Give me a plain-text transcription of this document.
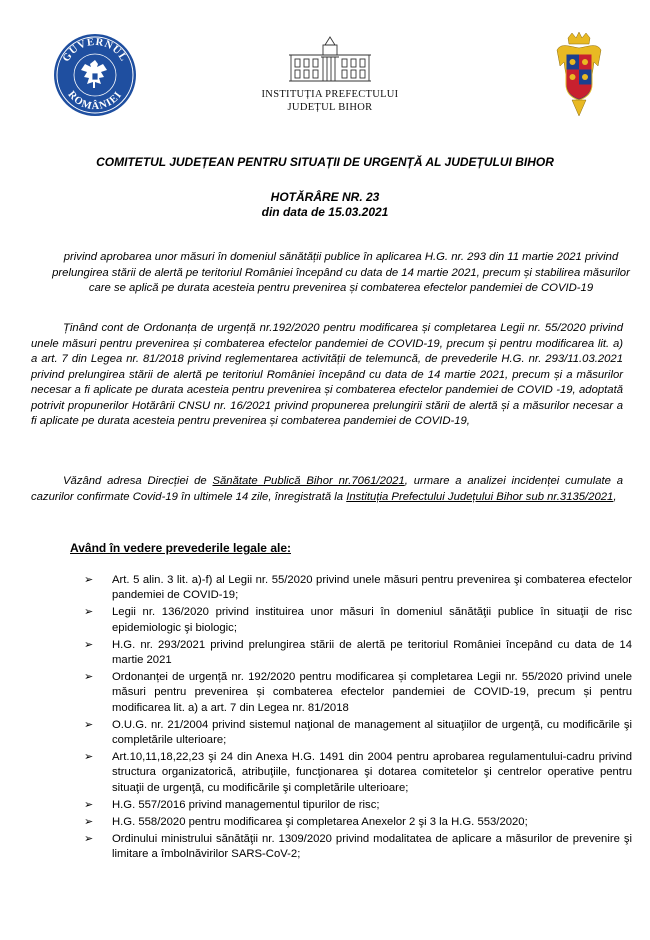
GUVERNUL
ROMÂNIEI	INSTITUȚIA PREFECTULUI
JUDEȚUL BIHOR
COMITETUL JUDEȚEAN PENTRU SITUAȚII DE URGENȚĂ AL JUDEȚULUI BIHOR
HOTĂRÂRE NR. 23
din data de 15.03.2021
privind aprobarea unor măsuri în domeniul sănătății publice în aplicarea H.G. nr. 293 din 11 martie 2021 privind prelungirea stării de alertă pe teritoriul României începând cu data de 14 martie 2021, precum și stabilirea măsurilor care se aplică pe durata acesteia pentru prevenirea și combaterea efectelor pandemiei de COVID-19
Ținând cont de Ordonanța de urgență nr.192/2020 pentru modificarea și completarea Legii nr. 55/2020 privind unele măsuri pentru prevenirea și combaterea efectelor pandemiei de COVID-19, precum și pentru modificarea lit. a) a art. 7 din Legea nr. 81/2018 privind reglementarea activității de telemuncă, de prevederile H.G. nr. 293/11.03.2021 privind prelungirea stării de alertă pe teritoriul României începând cu data de 14 martie 2021, precum și a măsurilor necesar a fi aplicate pe durata acesteia pentru prevenirea și combaterea efectelor pandemiei de COVID -19, adoptată potrivit propunerilor Hotărârii CNSU nr. 16/2021 privind propunerea prelungirii stării de alertă și a măsurilor necesar a fi aplicate pe durata acesteia pentru prevenirea și combaterea pandemiei de COVID-19,
Văzând adresa Direcției de Sănătate Publică Bihor nr.7061/2021, urmare a analizei incidenței cumulate a cazurilor confirmate Covid-19 în ultimele 14 zile, înregistrată la Instituția Prefectului Județului Bihor sub nr.3135/2021,
Având în vedere prevederile legale ale:
➢ Art. 5 alin. 3 lit. a)-f) al Legii nr. 55/2020 privind unele măsuri pentru prevenirea şi combaterea efectelor pandemiei de COVID-19;
➢ Legii nr. 136/2020 privind instituirea unor măsuri în domeniul sănătăţii publice în situaţii de risc epidemiologic şi biologic;
➢ H.G. nr. 293/2021 privind prelungirea stării de alertă pe teritoriul României începând cu data de 14 martie 2021
➢ Ordonanței de urgență nr. 192/2020 pentru modificarea și completarea Legii nr. 55/2020 privind unele măsuri pentru prevenirea și combaterea efectelor pandemiei de COVID-19, precum și pentru modificarea lit. a) a art. 7 din Legea nr. 81/2018
➢ O.U.G. nr. 21/2004 privind sistemul naţional de management al situaţiilor de urgenţă, cu modificările şi completările ulterioare;
➢ Art.10,11,18,22,23 şi 24 din Anexa H.G. 1491 din 2004 pentru aprobarea regulamentului-cadru privind structura organizatorică, atribuţiile, funcţionarea şi dotarea comitetelor şi centrelor operative pentru situaţii de urgenţă, cu modificările şi completările ulterioare;
➢ H.G. 557/2016 privind managementul tipurilor de risc;
➢ H.G. 558/2020 pentru modificarea şi completarea Anexelor 2 şi 3 la H.G. 553/2020;
➢ Ordinului ministrului sănătăţii nr. 1309/2020 privind modalitatea de aplicare a măsurilor de prevenire şi limitare a îmbolnăvirilor SARS-CoV-2;
